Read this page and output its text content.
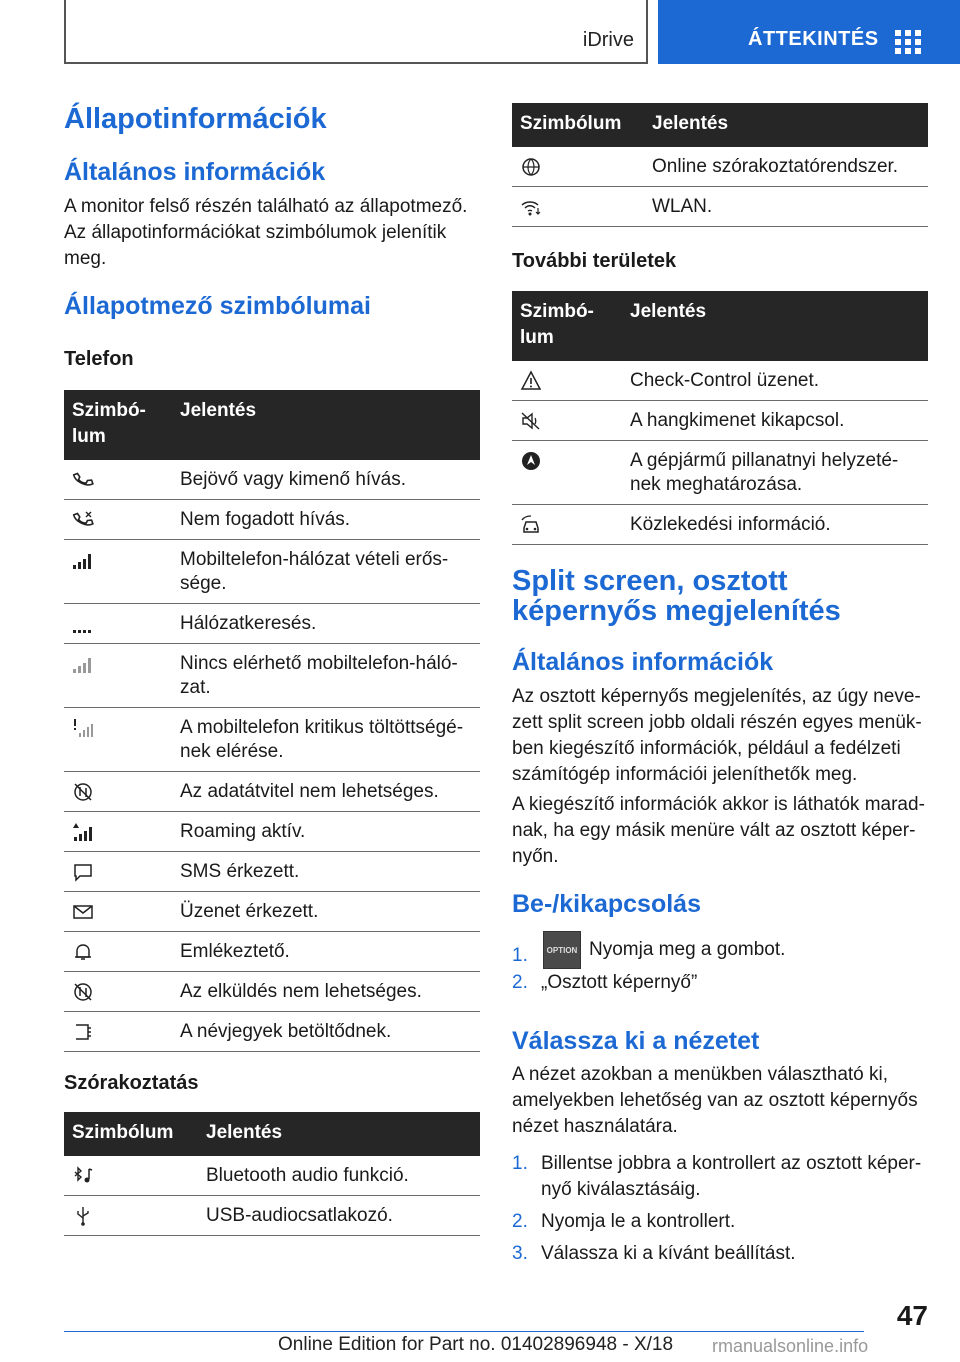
iDrive	ÁTTEKINTÉS
Állapotinformációk
Általános információk

A monitor felső részén található az állapotmező. Az állapotinformációkat szimbólumok jelenítik meg.

Állapotmező szimbólumai
Telefon
Szimbó-
lum	Jelentés
	Bejövő vagy kimenő hívás.
	Nem fogadott hívás.
	Mobiltelefon-hálózat vételi erős- sége.
	Hálózatkeresés.
	Nincs elérhető mobiltelefon-háló- zat.
	A mobiltelefon kritikus töltöttségé- nek elérése.
	Az adatátvitel nem lehetséges.
	Roaming aktív.
	SMS érkezett.
	Üzenet érkezett.
	Emlékeztető.
	Az elküldés nem lehetséges.
	A névjegyek betöltődnek.
Szórakoztatás
Szimbólum	Jelentés
	Bluetooth audio funkció.
	USB-audiocsatlakozó.
Szimbólum	Jelentés
	Online szórakoztatórendszer.
	WLAN.
További területek
Szimbó-
lum	Jelentés
	Check-Control üzenet.
	A hangkimenet kikapcsol.
	A gépjármű pillanatnyi helyzeté- nek meghatározása.
	Közlekedési információ.
Split screen, osztott képernyős megjelenítés
Általános információk

Az osztott képernyős megjelenítés, az úgy neve- zett split screen jobb oldali részén egyes menük- ben kiegészítő információk, például a fedélzeti számítógép információi jeleníthetők meg.

A kiegészítő információk akkor is láthatók marad- nak, ha egy másik menüre vált az osztott képer- nyőn.

Be-/kikapcsolás
1. OPTION Nyomja meg a gombot.
2. „Osztott képernyő”
Válassza ki a nézetet

A nézet azokban a menükben választható ki, amelyekben lehetőség van az osztott képernyős nézet használatára.

1. Billentse jobbra a kontrollert az osztott képer- nyő kiválasztásáig.
2. Nyomja le a kontrollert.
3. Válassza ki a kívánt beállítást.
47
Online Edition for Part no. 01402896948 - X/18 rmanualsonline.info
